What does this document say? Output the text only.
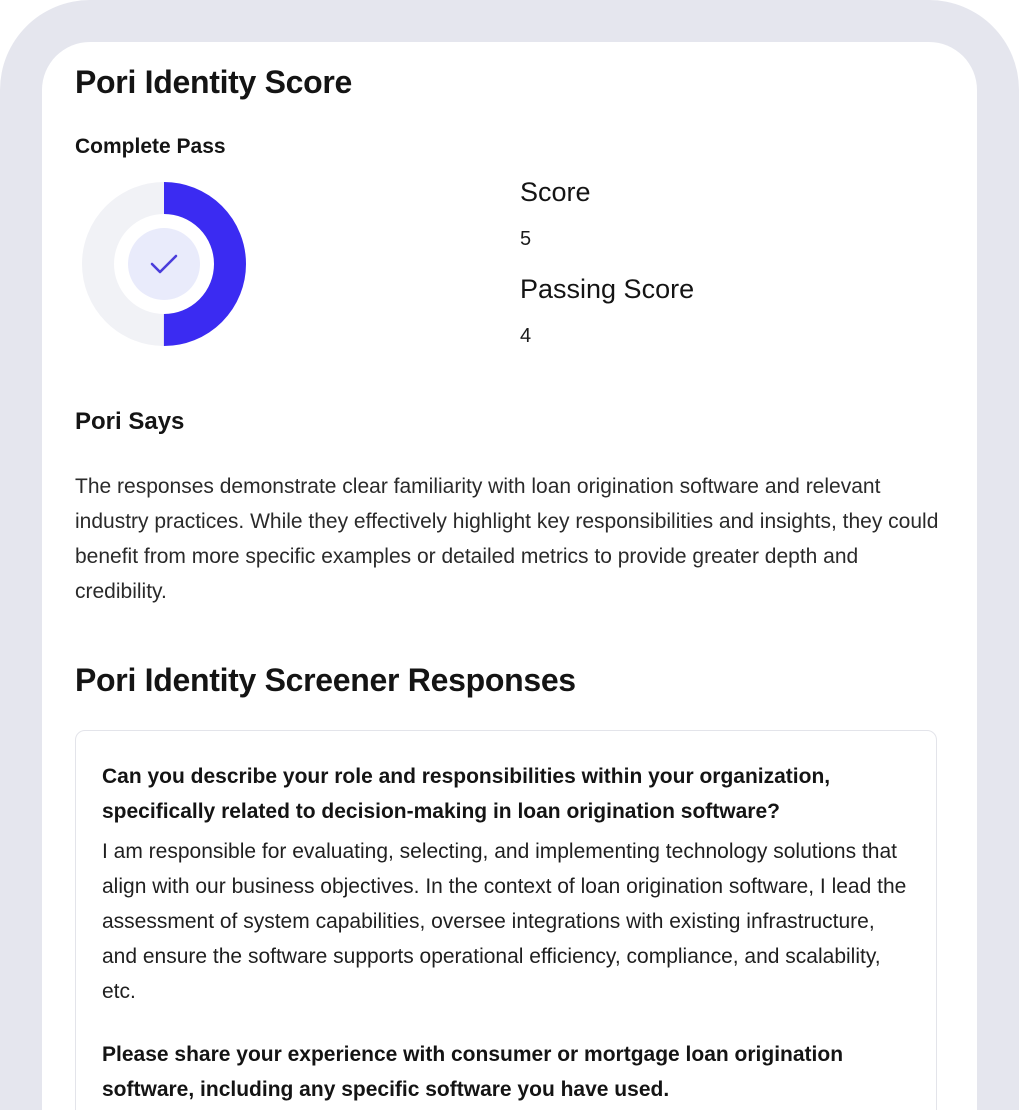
Pori Identity Score
Complete Pass
Score
5
Passing Score
4
Pori Says

The responses demonstrate clear familiarity with loan origination software and relevant industry practices. While they effectively highlight key responsibilities and insights, they could benefit from more specific examples or detailed metrics to provide greater depth and credibility.

Pori Identity Screener Responses

Can you describe your role and responsibilities within your organization, specifically related to decision-making in loan origination software?

I am responsible for evaluating, selecting, and implementing technology solutions that align with our business objectives. In the context of loan origination software, I lead the assessment of system capabilities, oversee integrations with existing infrastructure, and ensure the software supports operational efficiency, compliance, and scalability, etc.

Please share your experience with consumer or mortgage loan origination software, including any specific software you have used.
